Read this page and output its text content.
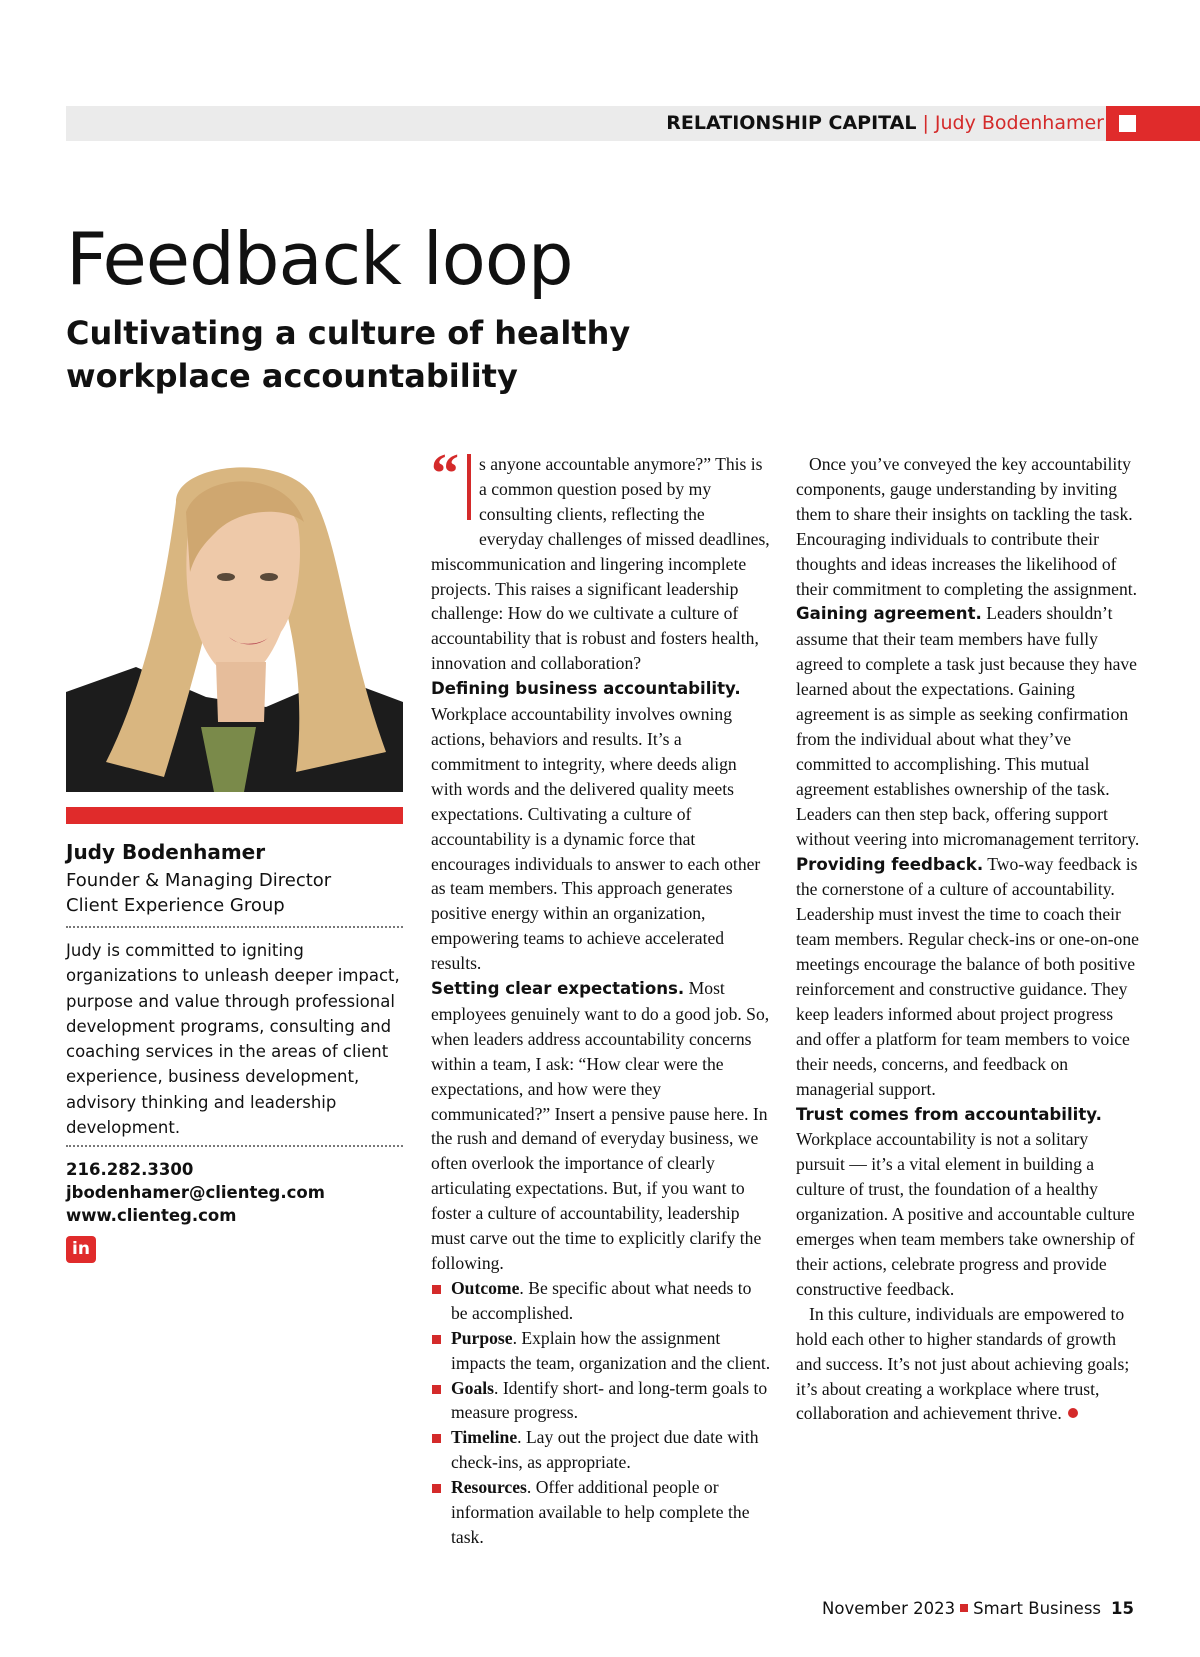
RELATIONSHIP CAPITAL | Judy Bodenhamer
Feedback loop
Cultivating a culture of healthy workplace accountability

Judy Bodenhamer

Founder & Managing Director
Client Experience Group

Judy is committed to igniting organizations to unleash deeper impact, purpose and value through professional development programs, consulting and coaching services in the areas of client experience, business development, advisory thinking and leadership development.

216.282.3300

jbodenhamer@clienteg.com

www.clienteg.com

in
“	s anyone accountable anymore?” This is a common question posed by my consulting clients, reflecting the everyday challenges of missed deadlines, miscommunication and lingering incomplete projects. This raises a significant leadership challenge: How do we cultivate a culture of accountability that is robust and fosters health, innovation and collaboration?

Defining business accountability. Workplace accountability involves owning actions, behaviors and results. It’s a commitment to integrity, where deeds align with words and the delivered quality meets expectations. Cultivating a culture of accountability is a dynamic force that encourages individuals to answer to each other as team members. This approach generates positive energy within an organization, empowering teams to achieve accelerated results.

Setting clear expectations. Most employees genuinely want to do a good job. So, when leaders address accountability concerns within a team, I ask: “How clear were the expectations, and how were they communicated?” Insert a pensive pause here. In the rush and demand of everyday business, we often overlook the importance of clearly articulating expectations. But, if you want to foster a culture of accountability, leadership must carve out the time to explicitly clarify the following.

Outcome. Be specific about what needs to be accomplished.
Purpose. Explain how the assignment impacts the team, organization and the client.
Goals. Identify short- and long-term goals to measure progress.
Timeline. Lay out the project due date with check-ins, as appropriate.
Resources. Offer additional people or information available to help complete the task.

Once you’ve conveyed the key accountability components, gauge understanding by inviting them to share their insights on tackling the task. Encouraging individuals to contribute their thoughts and ideas increases the likelihood of their commitment to completing the assignment.

Gaining agreement. Leaders shouldn’t assume that their team members have fully agreed to complete a task just because they have learned about the expectations. Gaining agreement is as simple as seeking confirmation from the individual about what they’ve committed to accomplishing. This mutual agreement establishes ownership of the task. Leaders can then step back, offering support without veering into micromanagement territory.

Providing feedback. Two-way feedback is the cornerstone of a culture of accountability. Leadership must invest the time to coach their team members. Regular check-ins or one-on-one meetings encourage the balance of both positive reinforcement and constructive guidance. They keep leaders informed about project progress and offer a platform for team members to voice their needs, concerns, and feedback on managerial support.

Trust comes from accountability. Workplace accountability is not a solitary pursuit — it’s a vital element in building a culture of trust, the foundation of a healthy organization. A positive and accountable culture emerges when team members take ownership of their actions, celebrate progress and provide constructive feedback.

In this culture, individuals are empowered to hold each other to higher standards of growth and success. It’s not just about achieving goals; it’s about creating a workplace where trust, collaboration and achievement thrive.

November 2023 Smart Business 15
